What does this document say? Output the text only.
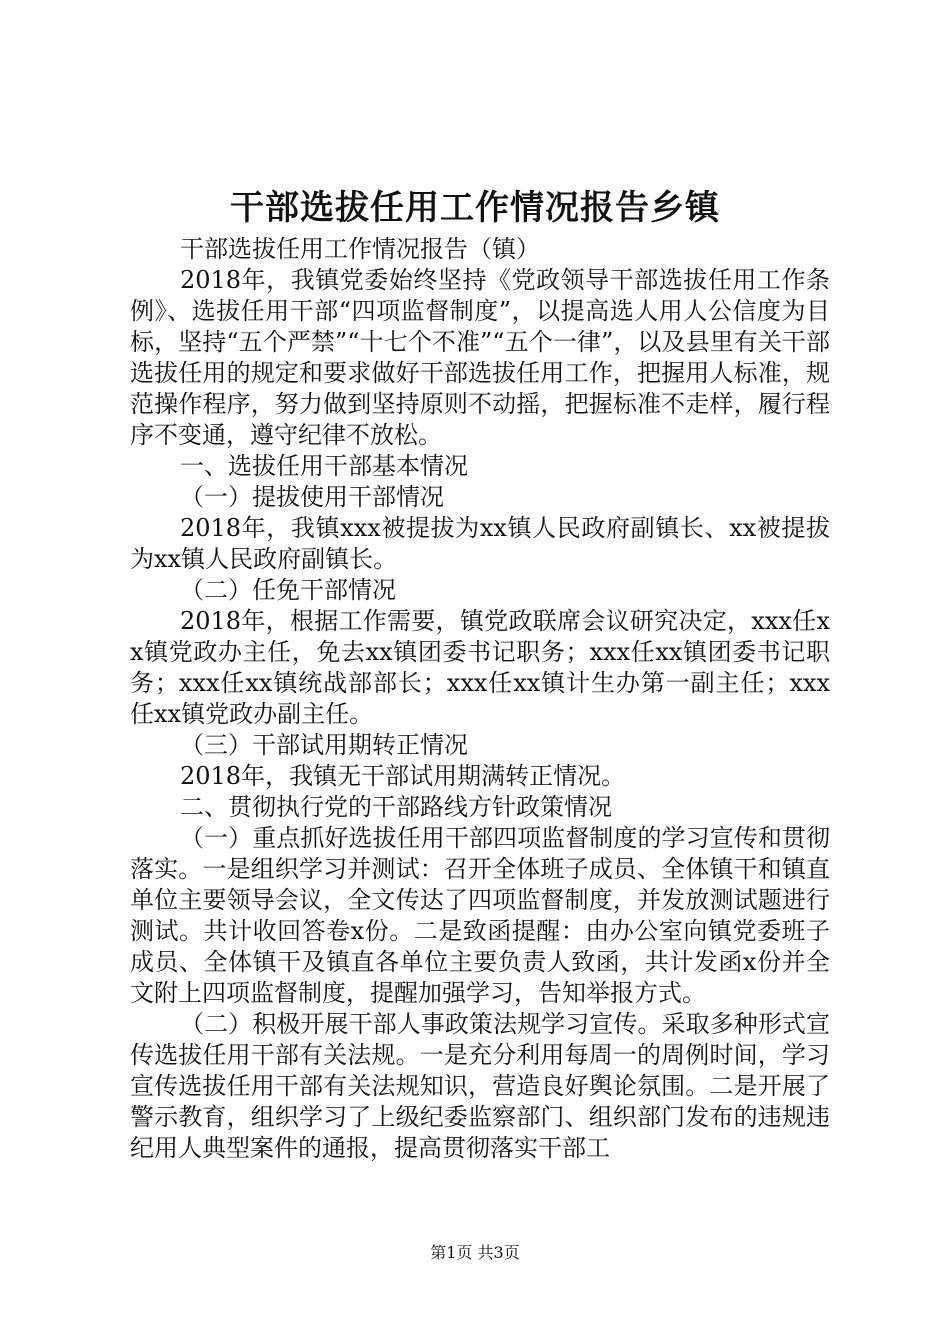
干部选拔任用工作情况报告乡镇

干部选拔任用工作情况报告（镇）

2018年，我镇党委始终坚持《党政领导干部选拔任用工作条例》、选拔任用干部“四项监督制度”，以提高选人用人公信度为目标，坚持“五个严禁”“十七个不准”“五个一律”，以及县里有关干部选拔任用的规定和要求做好干部选拔任用工作，把握用人标准，规范操作程序，努力做到坚持原则不动摇，把握标准不走样，履行程序不变通，遵守纪律不放松。

一、选拔任用干部基本情况

（一）提拔使用干部情况

2018年，我镇xxx被提拔为xx镇人民政府副镇长、xx被提拔为xx镇人民政府副镇长。

（二）任免干部情况

2018年，根据工作需要，镇党政联席会议研究决定，xxx任xx镇党政办主任，免去xx镇团委书记职务；xxx任xx镇团委书记职务；xxx任xx镇统战部部长；xxx任xx镇计生办第一副主任；xxx任xx镇党政办副主任。

（三）干部试用期转正情况

2018年，我镇无干部试用期满转正情况。

二、贯彻执行党的干部路线方针政策情况

（一）重点抓好选拔任用干部四项监督制度的学习宣传和贯彻落实。一是组织学习并测试：召开全体班子成员、全体镇干和镇直单位主要领导会议，全文传达了四项监督制度，并发放测试题进行测试。共计收回答卷x份。二是致函提醒：由办公室向镇党委班子成员、全体镇干及镇直各单位主要负责人致函，共计发函x份并全文附上四项监督制度，提醒加强学习，告知举报方式。

（二）积极开展干部人事政策法规学习宣传。采取多种形式宣传选拔任用干部有关法规。一是充分利用每周一的周例时间，学习宣传选拔任用干部有关法规知识，营造良好舆论氛围。二是开展了警示教育，组织学习了上级纪委监察部门、组织部门发布的违规违纪用人典型案件的通报，提高贯彻落实干部工

第1页 共3页
